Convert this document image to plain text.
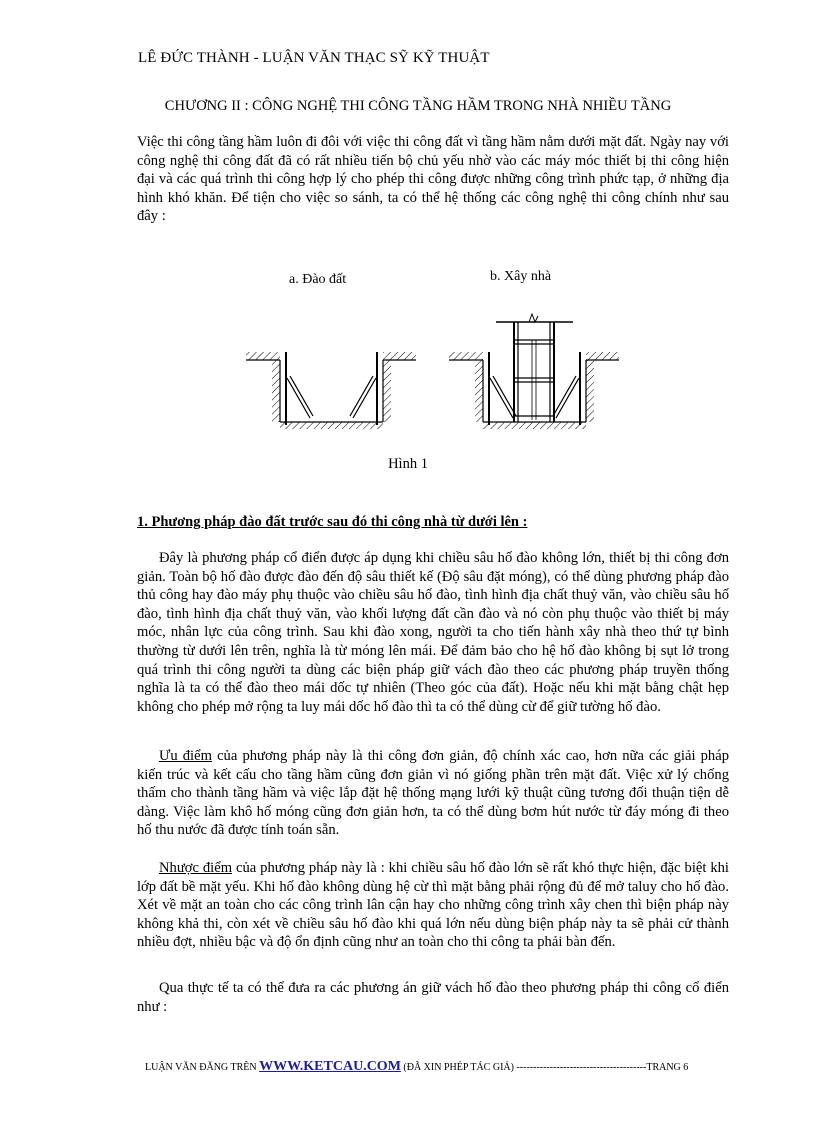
LÊ ĐỨC THÀNH - LUẬN VĂN THẠC SỸ KỸ THUẬT
CHƯƠNG II : CÔNG NGHỆ THI CÔNG TẦNG HẦM TRONG NHÀ NHIỀU TẦNG
Việc thi công tầng hầm luôn đi đôi với việc thi công đất vì tầng hầm nằm dưới mặt đất. Ngày nay với công nghệ thi công đất đã có rất nhiều tiến bộ chủ yếu nhờ vào các máy móc thiết bị thi công hiện đại và các quá trình thi công hợp lý cho phép thi công được những công trình phức tạp, ở những địa hình khó khăn. Để tiện cho việc so sánh, ta có thể hệ thống các công nghệ thi công chính như sau đây :
a. Đào đất	b. Xây nhà
Hình 1
1. Phương pháp đào đất trước sau đó thi công nhà từ dưới lên :
Đây là phương pháp cổ điển được áp dụng khi chiều sâu hố đào không lớn, thiết bị thi công đơn giản. Toàn bộ hố đào được đào đến độ sâu thiết kế (Độ sâu đặt móng), có thể dùng phương pháp đào thủ công hay đào máy phụ thuộc vào chiều sâu hố đào, tình hình địa chất thuỷ văn, vào chiều sâu hố đào, tình hình địa chất thuỷ văn, vào khối lượng đất cần đào và nó còn phụ thuộc vào thiết bị máy móc, nhân lực của công trình. Sau khi đào xong, người ta cho tiến hành xây nhà theo thứ tự bình thường từ dưới lên trên, nghĩa là từ móng lên mái. Để đảm bảo cho hệ hố đào không bị sụt lở trong quá trình thi công người ta dùng các biện pháp giữ vách đào theo các phương pháp truyền thống nghĩa là ta có thể đào theo mái dốc tự nhiên (Theo góc của đất). Hoặc nếu khi mặt bằng chật hẹp không cho phép mở rộng ta luy mái dốc hố đào thì ta có thể dùng cừ để giữ tường hố đào.
Ưu điểm của phương pháp này là thi công đơn giản, độ chính xác cao, hơn nữa các giải pháp kiến trúc và kết cấu cho tầng hầm cũng đơn giản vì nó giống phần trên mặt đất. Việc xử lý chống thấm cho thành tầng hầm và việc lắp đặt hệ thống mạng lưới kỹ thuật cũng tương đối thuận tiện dễ dàng. Việc làm khô hố móng cũng đơn giản hơn, ta có thể dùng bơm hút nước từ đáy móng đi theo hố thu nước đã được tính toán sẵn.
Nhược điểm của phương pháp này là : khi chiều sâu hố đào lớn sẽ rất khó thực hiện, đặc biệt khi lớp đất bề mặt yếu. Khi hố đào không dùng hệ cừ thì mặt bằng phải rộng đủ để mở taluy cho hố đào. Xét về mặt an toàn cho các công trình lân cận hay cho những công trình xây chen thì biện pháp này không khả thi, còn xét về chiều sâu hố đào khi quá lớn nếu dùng biện pháp này ta sẽ phải cử thành nhiều đợt, nhiều bậc và độ ổn định cũng như an toàn cho thi công ta phải bàn đến.
Qua thực tế ta có thể đưa ra các phương án giữ vách hố đào theo phương pháp thi công cổ điển như :
LUẬN VĂN ĐĂNG TRÊN WWW.KETCAU.COM (ĐÃ XIN PHÉP TÁC GIẢ) ---------------------------------------TRANG 6
